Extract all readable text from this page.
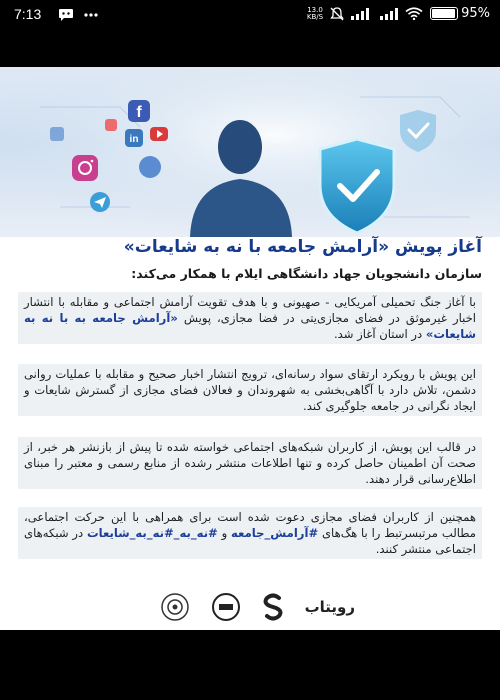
7:13	13.0
KB/S	95%
f
in
آغاز پویش «آرامش جامعه با نه به شایعات»
سازمان دانشجویان جهاد دانشگاهی ایلام با همکار می‌کند:
با آغاز جنگ تحمیلی آمریکایی - صهیونی و با هدف تقویت آرامش اجتماعی و مقابله با انتشار اخبار غیرموثق در فضای مجازی‌یتی در فضا مجازی، پویش «آرامش جامعه به با نه به شایعات» در استان آغاز شد.
این پویش با رویکرد ارتقای سواد رسانه‌ای، ترویج انتشار اخبار صحیح و مقابله با عملیات روانی دشمن، تلاش دارد با آگاهی‌بخشی به شهروندان و فعالان فضای مجازی از گسترش شایعات و ایجاد نگرانی در جامعه جلوگیری کند.
در قالب این پویش، از کاربران شبکه‌های اجتماعی خواسته شده تا پیش از بازنشر هر خبر، از صحت آن اطمینان حاصل کرده و تنها اطلاعات منتشر رشده از منابع رسمی و معتبر را مبنای اطلاع‌رسانی قرار دهند.
همچنین از کاربران فضای مجازی دعوت شده است برای همراهی با این حرکت اجتماعی، مطالب مرتبسرتبط را با هگ‌های #آرامش_جامعه و #نه_به_#نه_به_شایعات در شبکه‌های اجتماعی منتشر کنند.
رویتاب
